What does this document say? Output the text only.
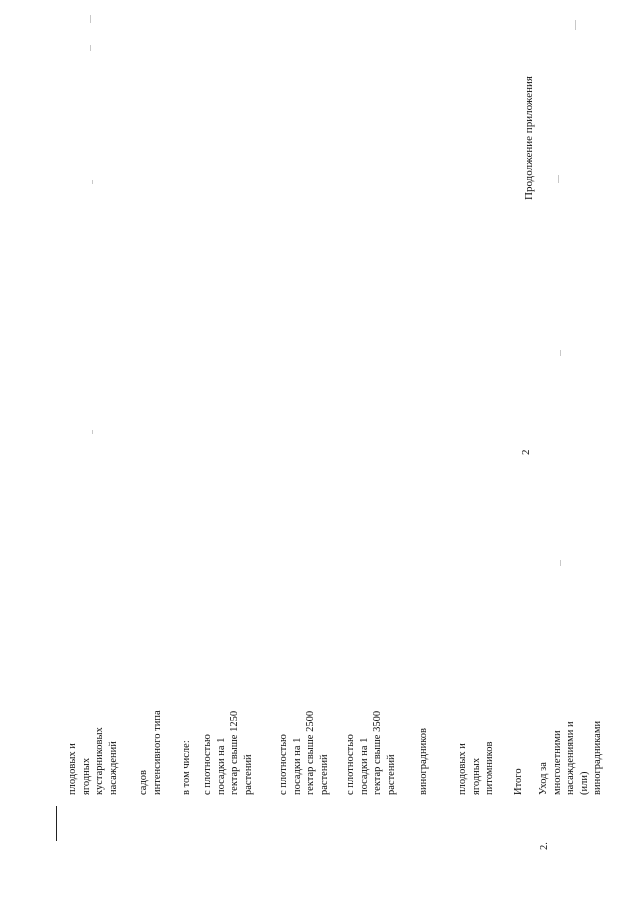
Продолжение приложения
2
плодовых и ягодных кустарниковых насаждений садов интенсивного типа в том числе: с плотностью посадки на 1 гектар свыше 1250 растений с плотностью посадки на 1 гектар свыше 2500 растений с плотностью посадки на 1 гектар свыше 3500 растений виноградников	плодовых и ягодных питомников Итого
2.
Уход за многолетними насаждениями и (или) виноградниками
